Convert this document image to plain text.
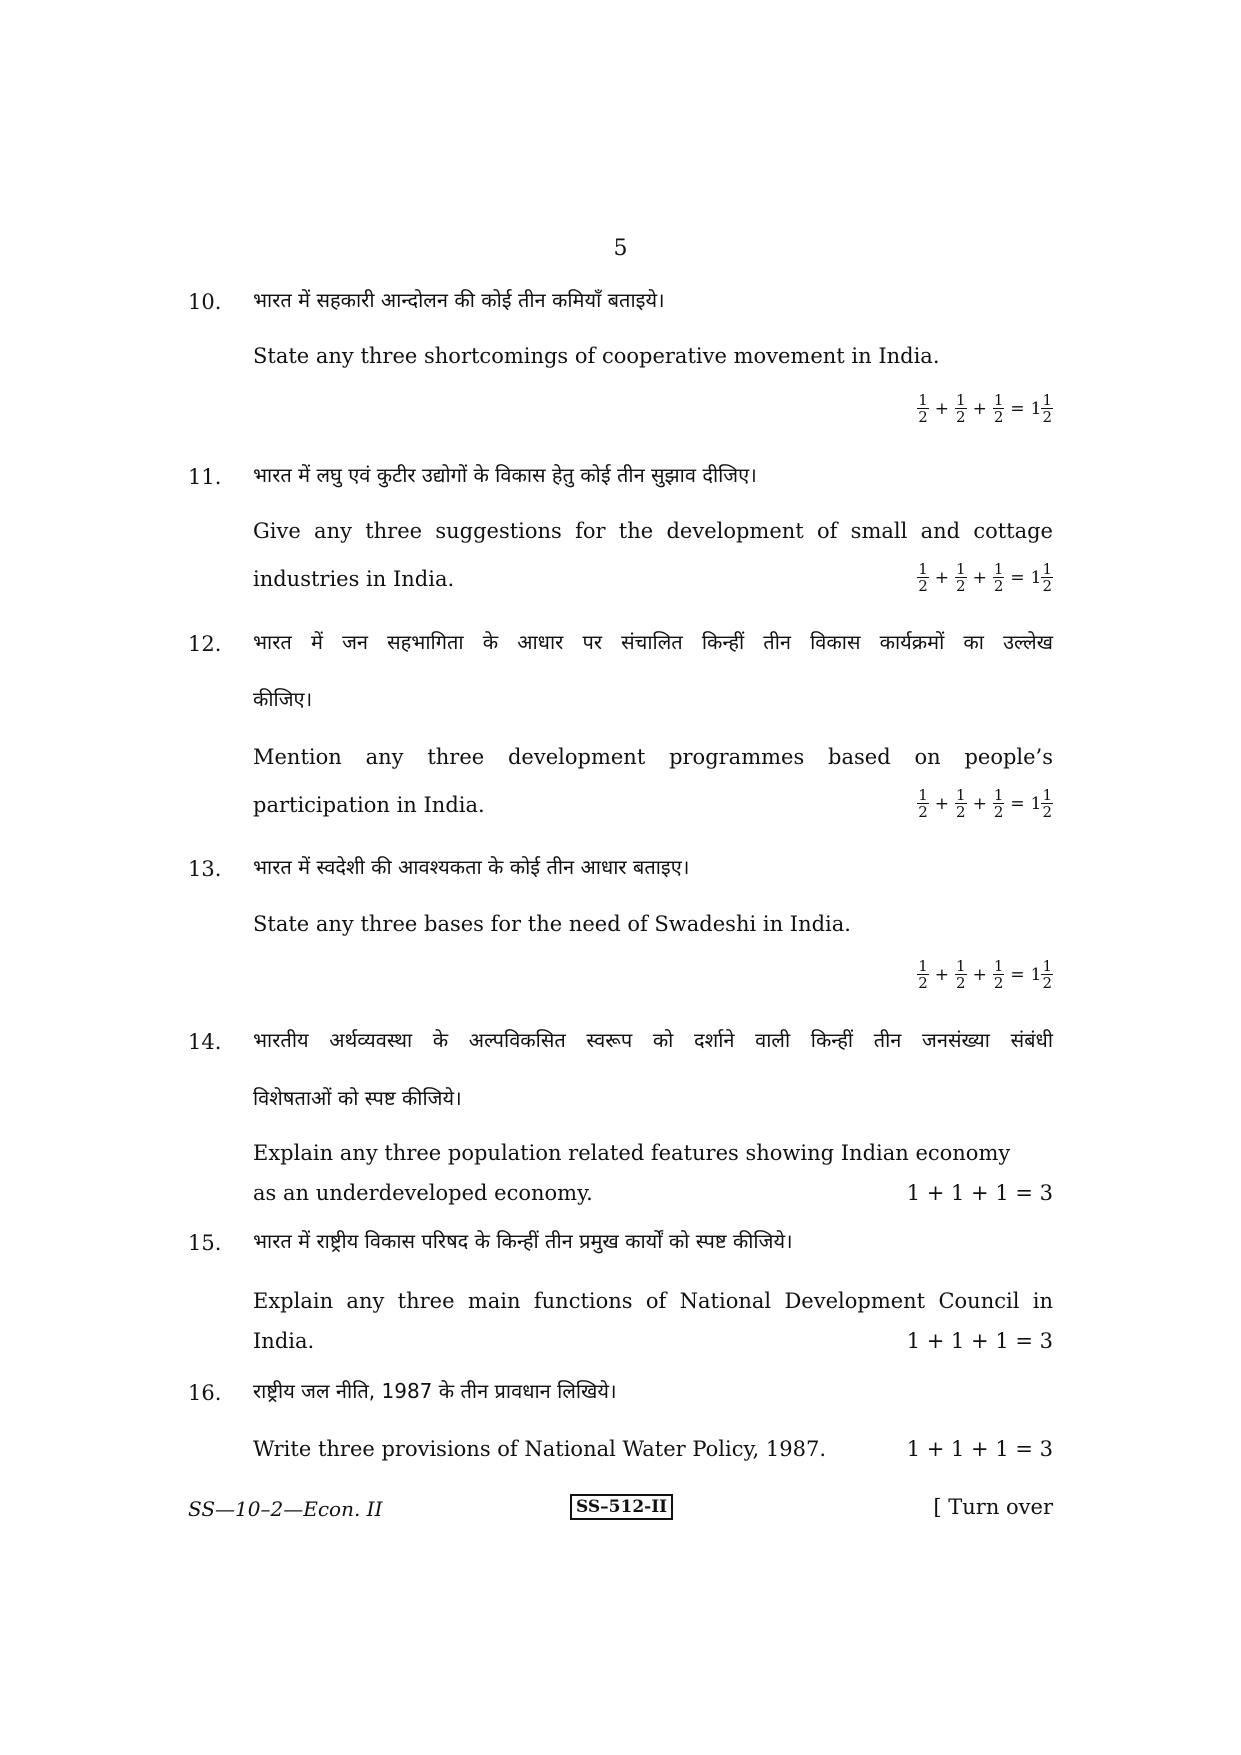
5
10. भारत में सहकारी आन्दोलन की कोई तीन कमियाँ बताइये।
State any three shortcomings of cooperative movement in India.
$\frac{1}{2} + \frac{1}{2} + \frac{1}{2} = 1 \frac{1}{2}$
11. भारत में लघु एवं कुटीर उद्योगों के विकास हेतु कोई तीन सुझाव दीजिए।
Give any three suggestions for the development of small and cottage
industries in India.	$\frac{1}{2} + \frac{1}{2} + \frac{1}{2} = 1 \frac{1}{2}$
12. भारत में जन सहभागिता के आधार पर संचालित किन्हीं तीन विकास कार्यक्रमों का उल्लेख
कीजिए।
Mention any three development programmes based on people’s
participation in India.	$\frac{1}{2} + \frac{1}{2} + \frac{1}{2} = 1 \frac{1}{2}$
13. भारत में स्वदेशी की आवश्यकता के कोई तीन आधार बताइए।
State any three bases for the need of Swadeshi in India.
$\frac{1}{2} + \frac{1}{2} + \frac{1}{2} = 1 \frac{1}{2}$
14. भारतीय अर्थव्यवस्था के अल्पविकसित स्वरूप को दर्शाने वाली किन्हीं तीन जनसंख्या संबंधी
विशेषताओं को स्पष्ट कीजिये।
Explain any three population related features showing Indian economy
as an underdeveloped economy.	1 + 1 + 1 = 3
15. भारत में राष्ट्रीय विकास परिषद के किन्हीं तीन प्रमुख कार्यों को स्पष्ट कीजिये।
Explain any three main functions of National Development Council in
India.	1 + 1 + 1 = 3
16. राष्ट्रीय जल नीति, 1987 के तीन प्रावधान लिखिये।
Write three provisions of National Water Policy, 1987.	1 + 1 + 1 = 3
SS—10–2—Econ. II	SS–512-II	[ Turn over
